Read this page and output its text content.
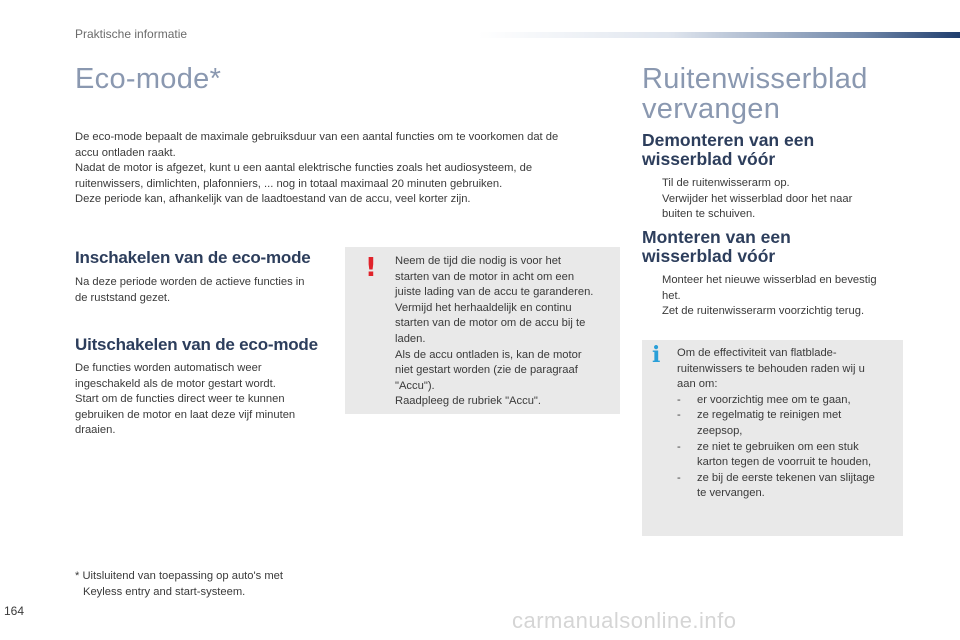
Praktische informatie
Eco-mode*
De eco-mode bepaalt de maximale gebruiksduur van een aantal functies om te voorkomen dat de
accu ontladen raakt.
Nadat de motor is afgezet, kunt u een aantal elektrische functies zoals het audiosysteem, de
ruitenwissers, dimlichten, plafonniers, ... nog in totaal maximaal 20 minuten gebruiken.
Deze periode kan, afhankelijk van de laadtoestand van de accu, veel korter zijn.
Inschakelen van de eco-mode
Na deze periode worden de actieve functies in
de ruststand gezet.
Uitschakelen van de eco-mode
De functies worden automatisch weer
ingeschakeld als de motor gestart wordt.
Start om de functies direct weer te kunnen
gebruiken de motor en laat deze vijf minuten
draaien.
! Neem de tijd die nodig is voor het
starten van de motor in acht om een
juiste lading van de accu te garanderen.
Vermijd het herhaaldelijk en continu
starten van de motor om de accu bij te
laden.
Als de accu ontladen is, kan de motor
niet gestart worden (zie de paragraaf
"Accu").
Raadpleeg de rubriek "Accu".
* Uitsluitend van toepassing op auto's met
Keyless entry and start-systeem.
Ruitenwisserblad
vervangen
Demonteren van een
wisserblad vóór
Til de ruitenwisserarm op.
Verwijder het wisserblad door het naar
buiten te schuiven.
Monteren van een
wisserblad vóór
Monteer het nieuwe wisserblad en bevestig
het.
Zet de ruitenwisserarm voorzichtig terug.
i Om de effectiviteit van flatblade-
ruitenwissers te behouden raden wij u
aan om:
-	er voorzichtig mee om te gaan,
-	ze regelmatig te reinigen met
zeepsop,
-	ze niet te gebruiken om een stuk
karton tegen de voorruit te houden,
-	ze bij de eerste tekenen van slijtage
te vervangen.
164	carmanualsonline.info
